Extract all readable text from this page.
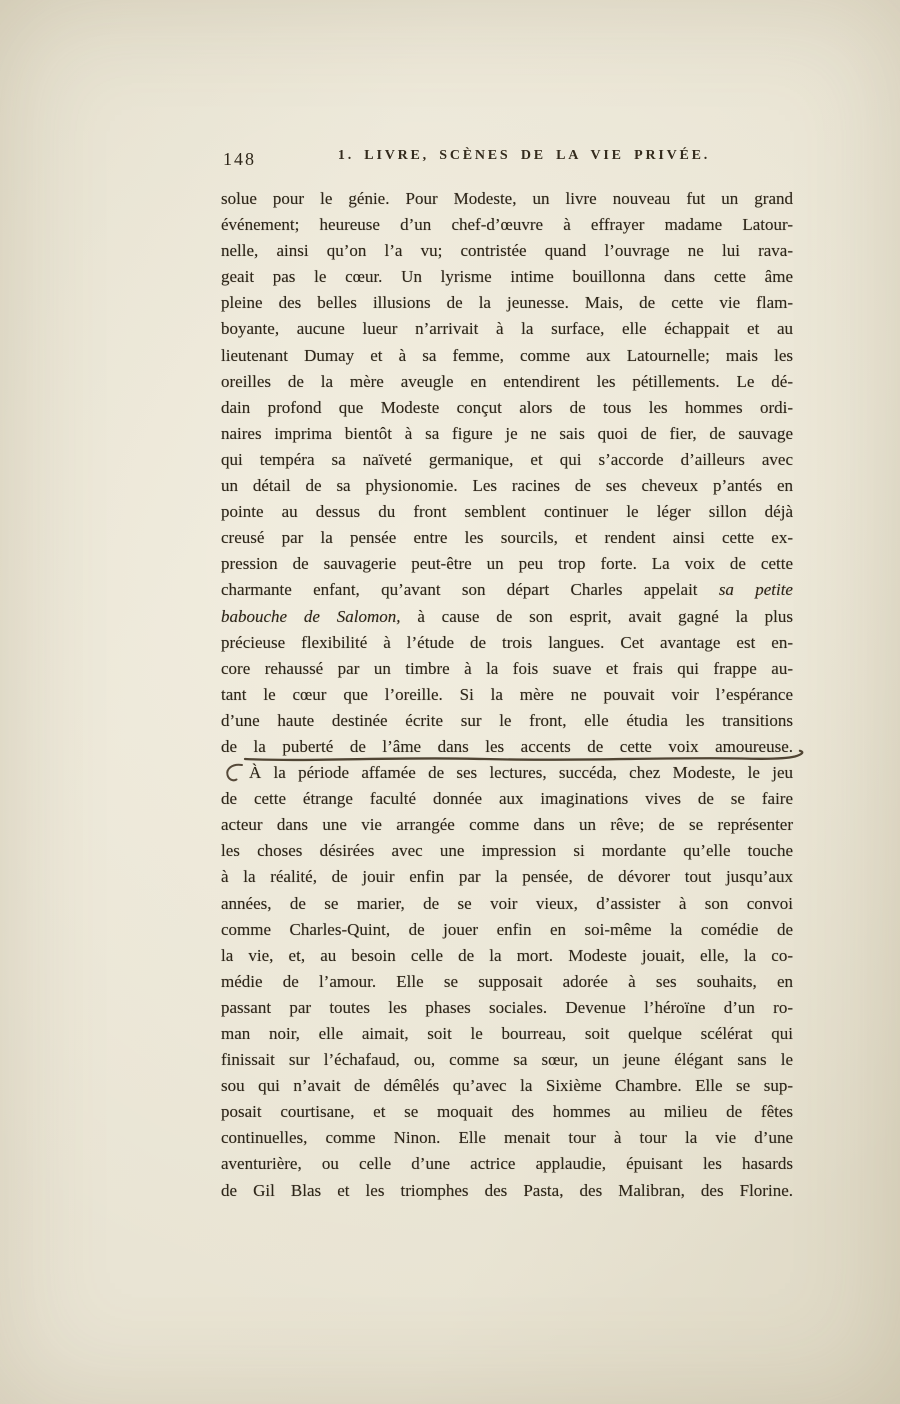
148	1. LIVRE, SCÈNES DE LA VIE PRIVÉE.
solue pour le génie. Pour Modeste, un livre nouveau fut un grand
événement; heureuse d’un chef-d’œuvre à effrayer madame Latour-
nelle, ainsi qu’on l’a vu; contristée quand l’ouvrage ne lui rava-
geait pas le cœur. Un lyrisme intime bouillonna dans cette âme
pleine des belles illusions de la jeunesse. Mais, de cette vie flam-
boyante, aucune lueur n’arrivait à la surface, elle échappait et au
lieutenant Dumay et à sa femme, comme aux Latournelle; mais les
oreilles de la mère aveugle en entendirent les pétillements. Le dé-
dain profond que Modeste conçut alors de tous les hommes ordi-
naires imprima bientôt à sa figure je ne sais quoi de fier, de sauvage
qui tempéra sa naïveté germanique, et qui s’accorde d’ailleurs avec
un détail de sa physionomie. Les racines de ses cheveux p’antés en
pointe au dessus du front semblent continuer le léger sillon déjà
creusé par la pensée entre les sourcils, et rendent ainsi cette ex-
pression de sauvagerie peut-être un peu trop forte. La voix de cette
charmante enfant, qu’avant son départ Charles appelait sa petite
babouche de Salomon, à cause de son esprit, avait gagné la plus
précieuse flexibilité à l’étude de trois langues. Cet avantage est en-
core rehaussé par un timbre à la fois suave et frais qui frappe au-
tant le cœur que l’oreille. Si la mère ne pouvait voir l’espérance
d’une haute destinée écrite sur le front, elle étudia les transitions
de la puberté de l’âme dans les accents de cette voix amoureuse.
À la période affamée de ses lectures, succéda, chez Modeste, le jeu
de cette étrange faculté donnée aux imaginations vives de se faire
acteur dans une vie arrangée comme dans un rêve; de se représenter
les choses désirées avec une impression si mordante qu’elle touche
à la réalité, de jouir enfin par la pensée, de dévorer tout jusqu’aux
années, de se marier, de se voir vieux, d’assister à son convoi
comme Charles-Quint, de jouer enfin en soi-même la comédie de
la vie, et, au besoin celle de la mort. Modeste jouait, elle, la co-
médie de l’amour. Elle se supposait adorée à ses souhaits, en
passant par toutes les phases sociales. Devenue l’héroïne d’un ro-
man noir, elle aimait, soit le bourreau, soit quelque scélérat qui
finissait sur l’échafaud, ou, comme sa sœur, un jeune élégant sans le
sou qui n’avait de démêlés qu’avec la Sixième Chambre. Elle se sup-
posait courtisane, et se moquait des hommes au milieu de fêtes
continuelles, comme Ninon. Elle menait tour à tour la vie d’une
aventurière, ou celle d’une actrice applaudie, épuisant les hasards
de Gil Blas et les triomphes des Pasta, des Malibran, des Florine.
